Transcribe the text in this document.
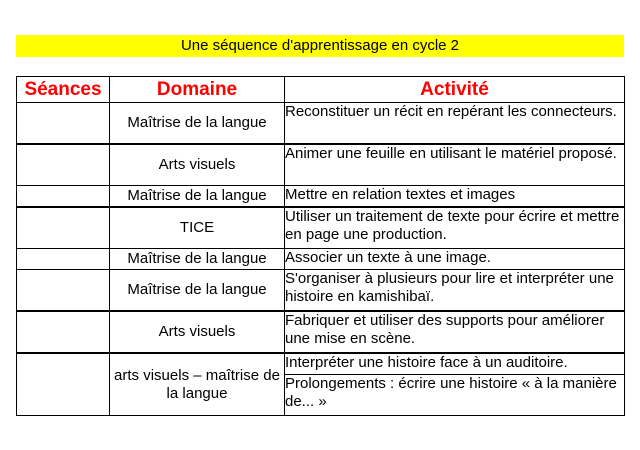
Une séquence d'apprentissage en cycle 2
Séances	Domaine	Activité
	Maîtrise de la langue	Reconstituer un récit en repérant les connecteurs.
	Arts visuels	Animer une feuille en utilisant le matériel proposé.
	Maîtrise de la langue	Mettre en relation textes et images
	TICE	Utiliser un traitement de texte pour écrire et mettre en page une production.
	Maîtrise de la langue	Associer un texte à une image.
	Maîtrise de la langue	S'organiser à plusieurs pour lire et interpréter une histoire en kamishibaï.
	Arts visuels	Fabriquer et utiliser des supports pour améliorer une mise en scène.
	arts visuels – maîtrise de la langue	Interpréter une histoire face à un auditoire.
		Prolongements : écrire une histoire « à la manière de... »
